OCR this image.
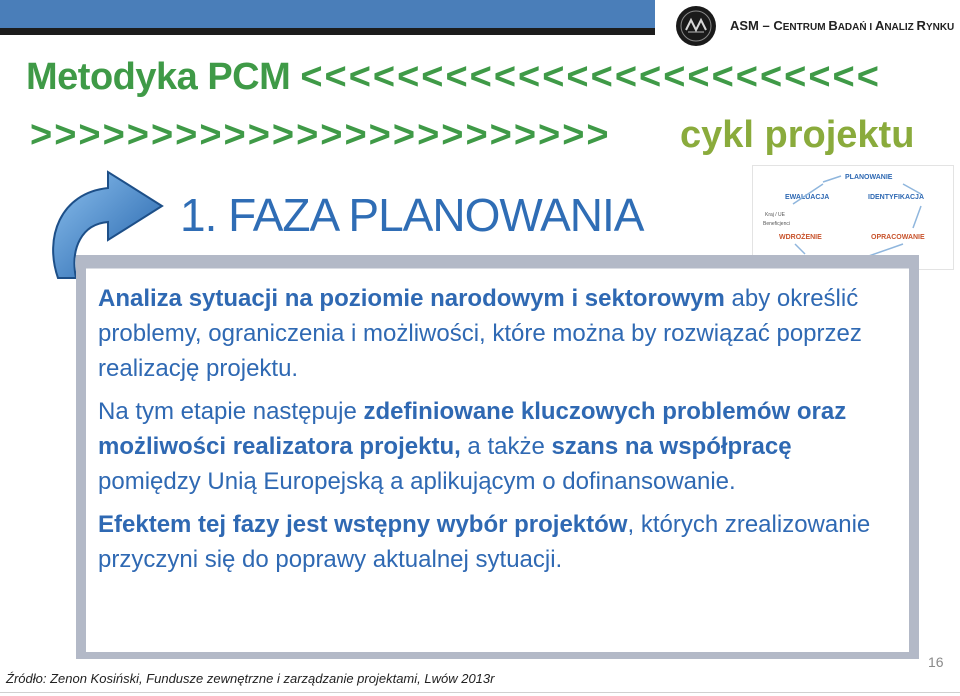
ASM – CENTRUM BADAŃ I ANALIZ RYNKU
Metodyka PCM <<<<<<<<<<<<<<<<<<<<<<<<
>>>>>>>>>>>>>>>>>>>>>>>> cykl projektu
1. FAZA PLANOWANIA
PLANOWANIE
EWALUACJA	IDENTYFIKACJA
Kraj / UE
Beneficjenci
WDROŻENIE	OPRACOWANIE

Analiza sytuacji na poziomie narodowym i sektorowym aby określić problemy, ograniczenia i możliwości, które można by rozwiązać poprzez realizację projektu.

Na tym etapie następuje zdefiniowane kluczowych problemów oraz możliwości realizatora projektu, a także szans na współpracę pomiędzy Unią Europejską a aplikującym o dofinansowanie.

Efektem tej fazy jest wstępny wybór projektów, których zrealizowanie przyczyni się do poprawy aktualnej sytuacji.

Źródło: Zenon Kosiński, Fundusze zewnętrzne i zarządzanie projektami, Lwów 2013r
16
